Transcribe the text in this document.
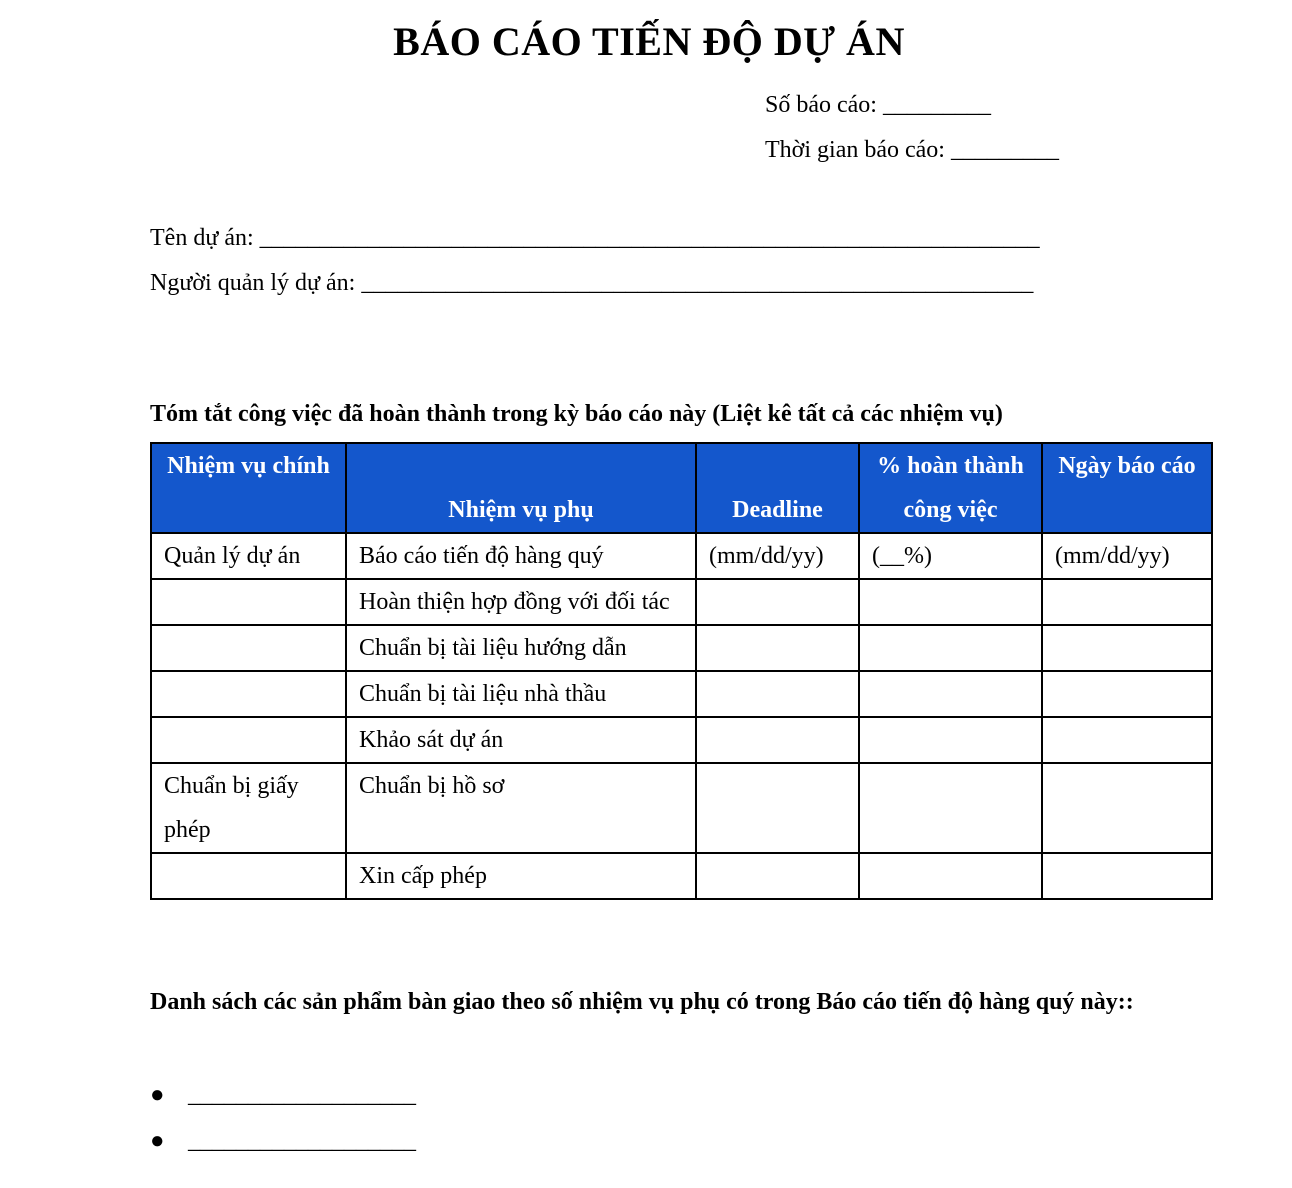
BÁO CÁO TIẾN ĐỘ DỰ ÁN
Số báo cáo: _________
Thời gian báo cáo: _________
Tên dự án: _________________________________________________________________
Người quản lý dự án: ________________________________________________________
Tóm tắt công việc đã hoàn thành trong kỳ báo cáo này (Liệt kê tất cả các nhiệm vụ)
Nhiệm vụ chính	Nhiệm vụ phụ	Deadline	% hoàn thành công việc	Ngày báo cáo
Quản lý dự án	Báo cáo tiến độ hàng quý	(mm/dd/yy)	(__%)	(mm/dd/yy)
	Hoàn thiện hợp đồng với đối tác			
	Chuẩn bị tài liệu hướng dẫn			
	Chuẩn bị tài liệu nhà thầu			
	Khảo sát dự án			
Chuẩn bị giấy phép	Chuẩn bị hồ sơ			
	Xin cấp phép			
Danh sách các sản phẩm bàn giao theo số nhiệm vụ phụ có trong Báo cáo tiến độ hàng quý này::
● ___________________
● ___________________
